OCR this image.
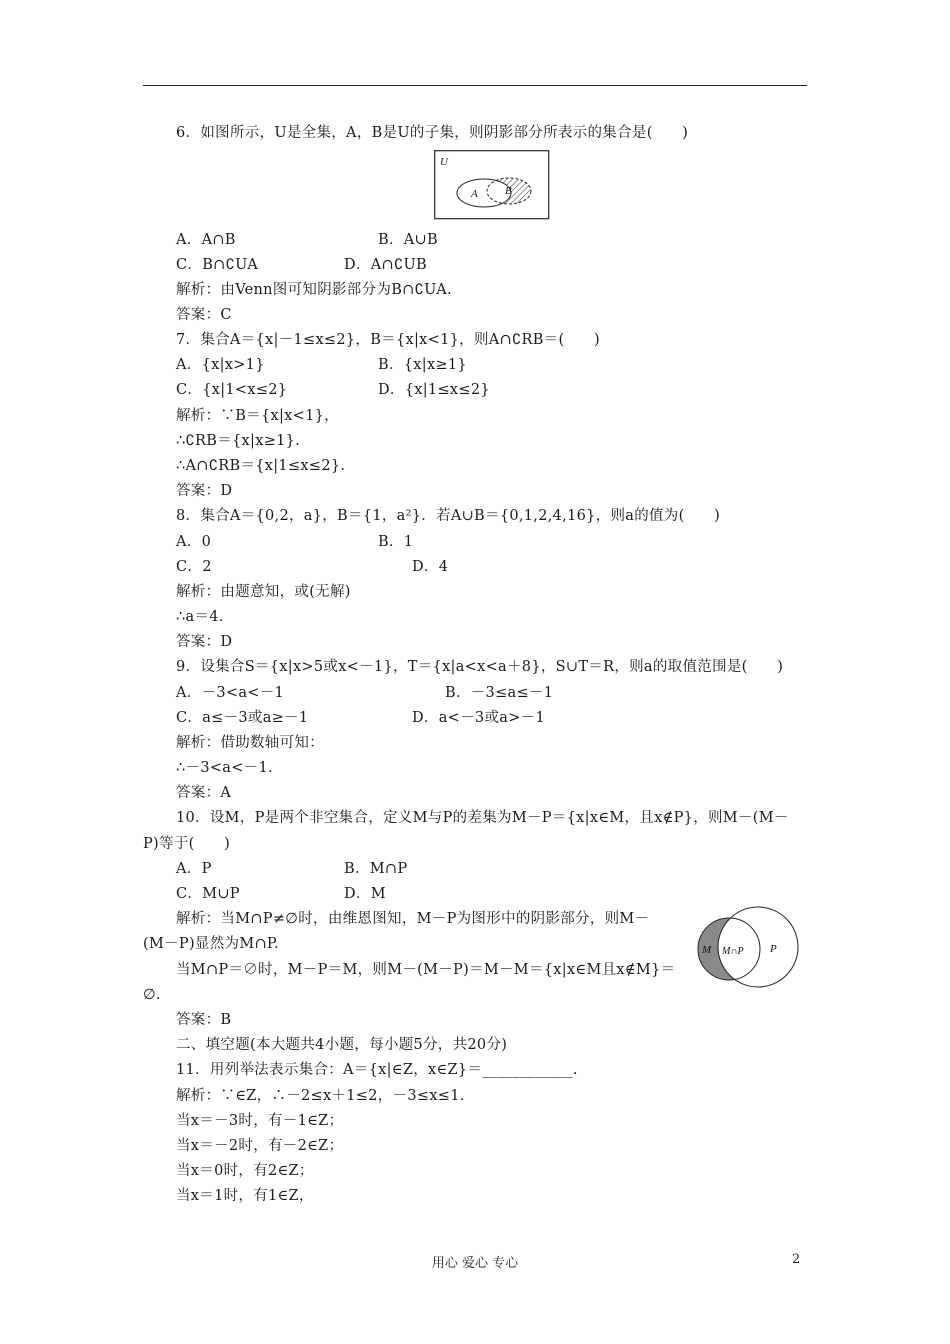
6．如图所示，U是全集，A，B是U的子集，则阴影部分所表示的集合是(　　)
A．A∩B	B．A∪B
C．B∩∁UA	D．A∩∁UB
解析：由Venn图可知阴影部分为B∩∁UA.
答案：C
7．集合A＝{x|－1≤x≤2}，B＝{x|x<1}，则A∩∁RB＝(　　)
A．{x|x>1}	B．{x|x≥1}
C．{x|1<x≤2}	D．{x|1≤x≤2}
解析：∵B＝{x|x<1}，
∴∁RB＝{x|x≥1}.
∴A∩∁RB＝{x|1≤x≤2}.
答案：D
8．集合A＝{0,2，a}，B＝{1，a²}．若A∪B＝{0,1,2,4,16}，则a的值为(　　)
A．0	B．1
C．2	D．4
解析：由题意知，或(无解)
∴a＝4.
答案：D
9．设集合S＝{x|x>5或x<－1}，T＝{x|a<x<a＋8}，S∪T＝R，则a的取值范围是(　　)
A．－3<a<－1	B．－3≤a≤－1
C．a≤－3或a≥－1	D．a<－3或a>－1
解析：借助数轴可知：
∴－3<a<－1.
答案：A
10．设M，P是两个非空集合，定义M与P的差集为M－P＝{x|x∈M，且x∉P}，则M－(M－
P)等于(　　)
A．P	B．M∩P
C．M∪P	D．M
解析：当M∩P≠∅时，由维恩图知，M－P为图形中的阴影部分，则M－
(M－P)显然为M∩P.
当M∩P＝∅时，M－P＝M，则M－(M－P)＝M－M＝{x|x∈M且x∉M}＝
∅.
答案：B
二、填空题(本大题共4小题，每小题5分，共20分)
11．用列举法表示集合：A＝{x|∈Z，x∈Z}＝____________.
解析：∵∈Z，∴－2≤x＋1≤2，－3≤x≤1.
当x＝－3时，有－1∈Z；
当x＝－2时，有－2∈Z；
当x＝0时，有2∈Z；
当x＝1时，有1∈Z，
U
A B
M M∩P P
用心 爱心 专心	2
